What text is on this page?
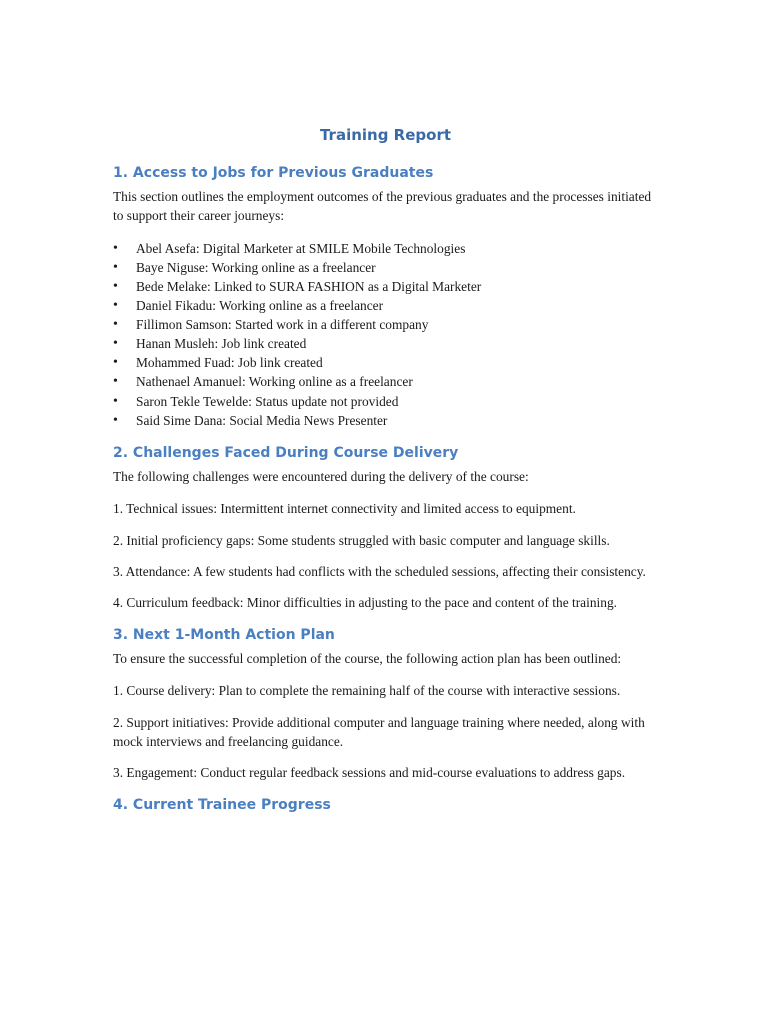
Training Report
1. Access to Jobs for Previous Graduates

This section outlines the employment outcomes of the previous graduates and the processes initiated to support their career journeys:

• Abel Asefa: Digital Marketer at SMILE Mobile Technologies
• Baye Niguse: Working online as a freelancer
• Bede Melake: Linked to SURA FASHION as a Digital Marketer
• Daniel Fikadu: Working online as a freelancer
• Fillimon Samson: Started work in a different company
• Hanan Musleh: Job link created
• Mohammed Fuad: Job link created
• Nathenael Amanuel: Working online as a freelancer
• Saron Tekle Tewelde: Status update not provided
• Said Sime Dana: Social Media News Presenter
2. Challenges Faced During Course Delivery

The following challenges were encountered during the delivery of the course:

1. Technical issues: Intermittent internet connectivity and limited access to equipment.

2. Initial proficiency gaps: Some students struggled with basic computer and language skills.

3. Attendance: A few students had conflicts with the scheduled sessions, affecting their consistency.

4. Curriculum feedback: Minor difficulties in adjusting to the pace and content of the training.

3. Next 1-Month Action Plan

To ensure the successful completion of the course, the following action plan has been outlined:

1. Course delivery: Plan to complete the remaining half of the course with interactive sessions.

2. Support initiatives: Provide additional computer and language training where needed, along with mock interviews and freelancing guidance.

3. Engagement: Conduct regular feedback sessions and mid-course evaluations to address gaps.

4. Current Trainee Progress
